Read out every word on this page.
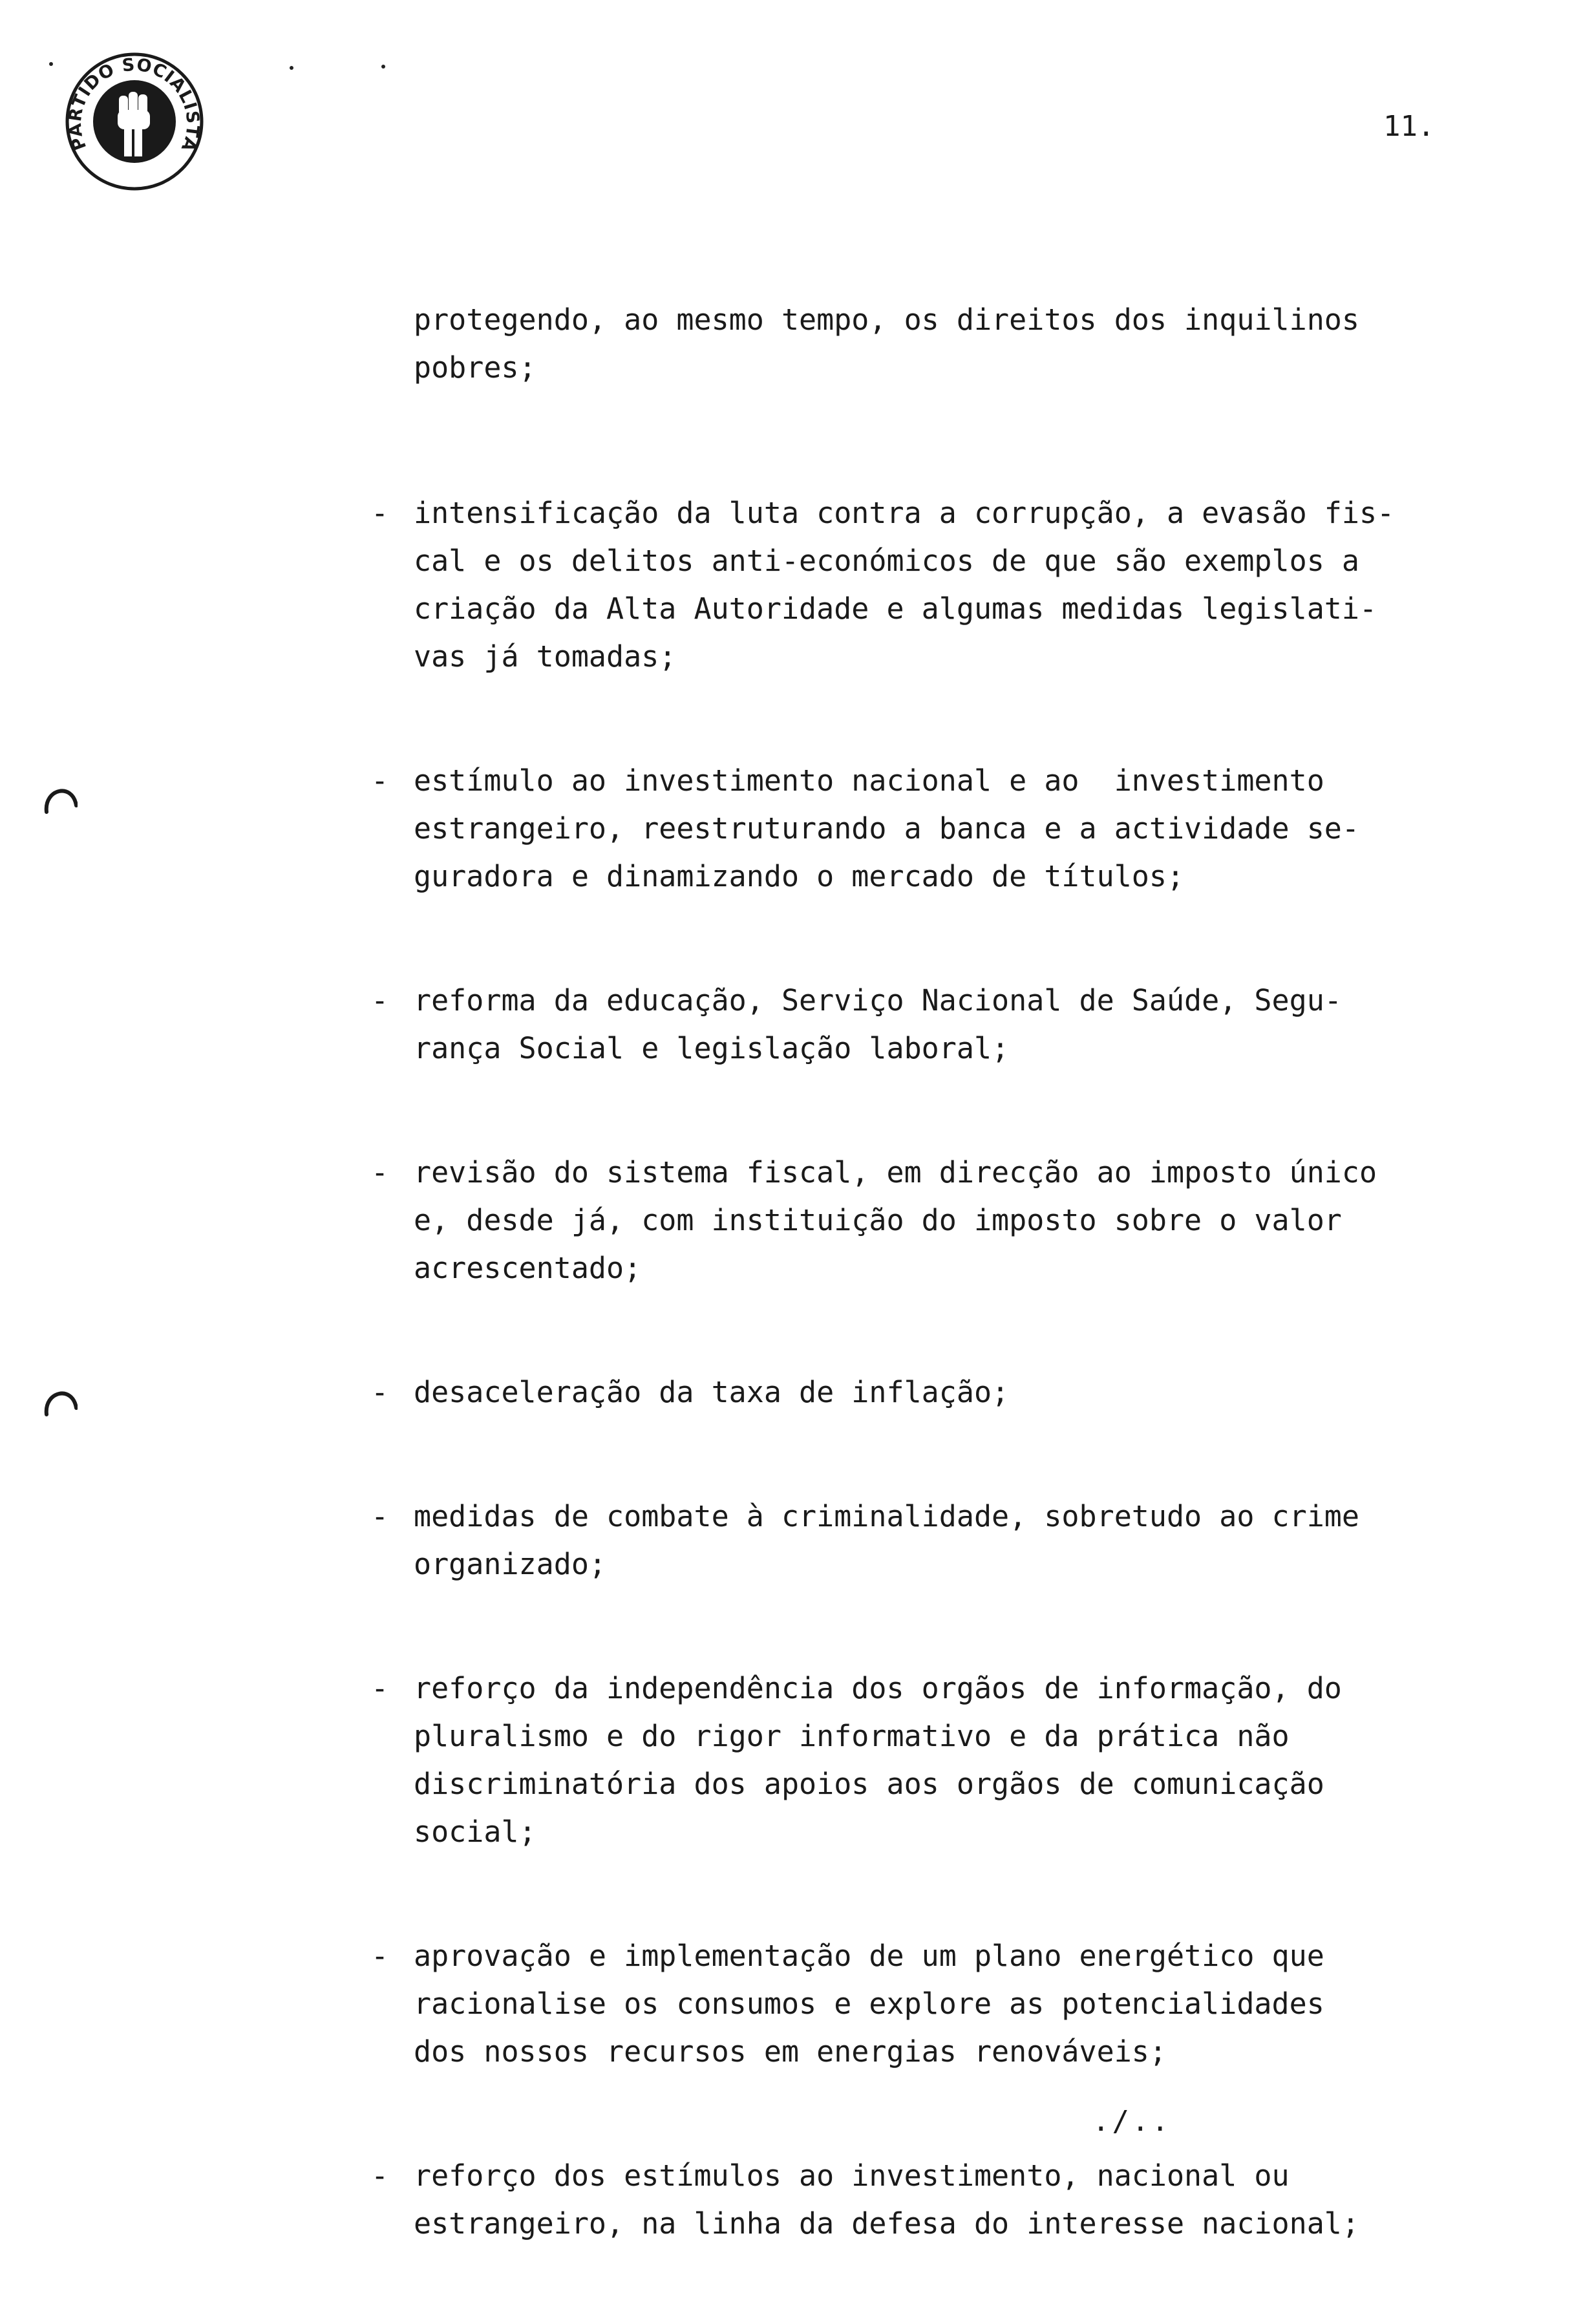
PARTIDO SOCIALISTA
11.
protegendo, ao mesmo tempo, os direitos dos inquilinos
pobres;
- intensificação da luta contra a corrupção, a evasão fis-
cal e os delitos anti-económicos de que são exemplos a
criação da Alta Autoridade e algumas medidas legislati-
vas já tomadas;
- estímulo ao investimento nacional e ao  investimento
estrangeiro, reestruturando a banca e a actividade se-
guradora e dinamizando o mercado de títulos;
- reforma da educação, Serviço Nacional de Saúde, Segu-
rança Social e legislação laboral;
- revisão do sistema fiscal, em direcção ao imposto único
e, desde já, com instituição do imposto sobre o valor
acrescentado;
- desaceleração da taxa de inflação;
- medidas de combate à criminalidade, sobretudo ao crime
organizado;
- reforço da independência dos orgãos de informação, do
pluralismo e do rigor informativo e da prática não
discriminatória dos apoios aos orgãos de comunicação
social;
- aprovação e implementação de um plano energético que
racionalise os consumos e explore as potencialidades
dos nossos recursos em energias renováveis;
- reforço dos estímulos ao investimento, nacional ou
estrangeiro, na linha da defesa do interesse nacional;
./..
